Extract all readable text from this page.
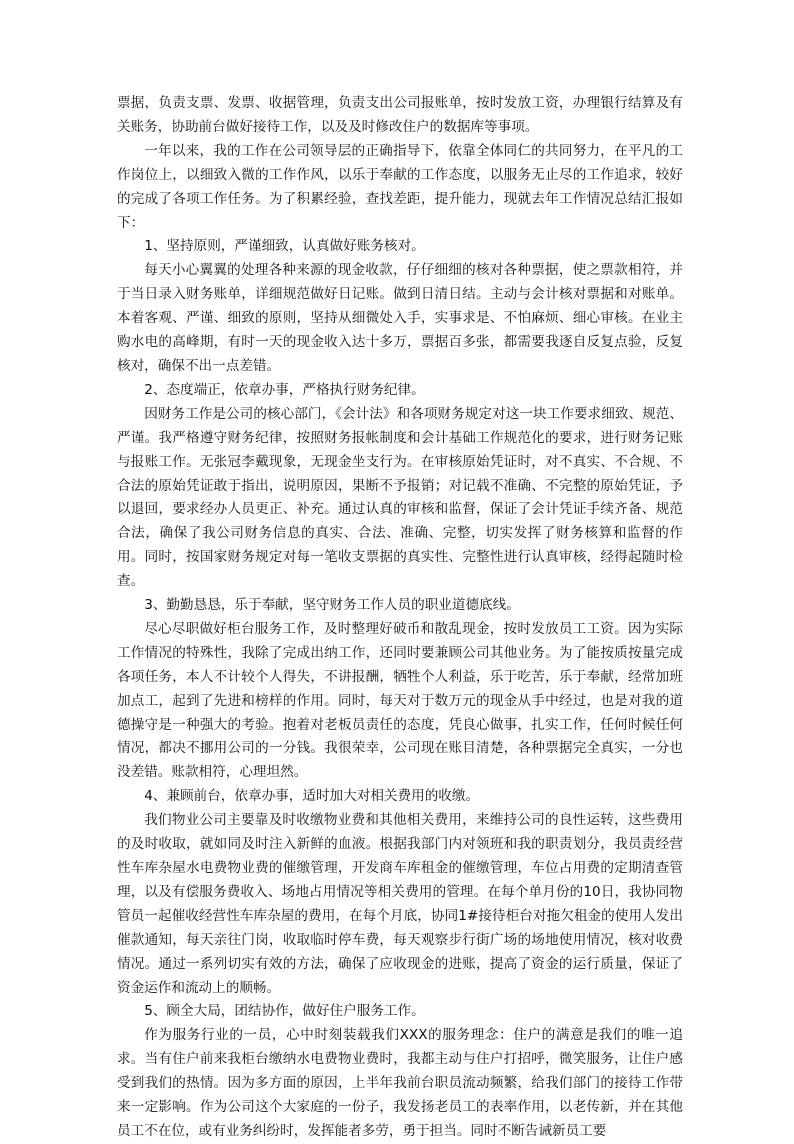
票据，负责支票、发票、收据管理，负责支出公司报账单，按时发放工资，办理银行结算及有关账务，协助前台做好接待工作，以及及时修改住户的数据库等事项。

一年以来，我的工作在公司领导层的正确指导下，依靠全体同仁的共同努力，在平凡的工作岗位上，以细致入微的工作作风，以乐于奉献的工作态度，以服务无止尽的工作追求，较好的完成了各项工作任务。为了积累经验，查找差距，提升能力，现就去年工作情况总结汇报如下：

1、坚持原则，严谨细致，认真做好账务核对。

每天小心翼翼的处理各种来源的现金收款，仔仔细细的核对各种票据，使之票款相符，并于当日录入财务账单，详细规范做好日记账。做到日清日结。主动与会计核对票据和对账单。本着客观、严谨、细致的原则，坚持从细微处入手，实事求是、不怕麻烦、细心审核。在业主购水电的高峰期，有时一天的现金收入达十多万，票据百多张，都需要我逐自反复点验，反复核对，确保不出一点差错。

2、态度端正，依章办事，严格执行财务纪律。

因财务工作是公司的核心部门，《会计法》和各项财务规定对这一块工作要求细致、规范、严谨。我严格遵守财务纪律，按照财务报帐制度和会计基础工作规范化的要求，进行财务记账与报账工作。无张冠李戴现象，无现金坐支行为。在审核原始凭证时，对不真实、不合规、不合法的原始凭证敢于指出，说明原因，果断不予报销；对记载不准确、不完整的原始凭证，予以退回，要求经办人员更正、补充。通过认真的审核和监督，保证了会计凭证手续齐备、规范合法，确保了我公司财务信息的真实、合法、准确、完整，切实发挥了财务核算和监督的作用。同时，按国家财务规定对每一笔收支票据的真实性、完整性进行认真审核，经得起随时检查。

3、勤勤恳恳，乐于奉献，坚守财务工作人员的职业道德底线。

尽心尽职做好柜台服务工作，及时整理好破币和散乱现金，按时发放员工工资。因为实际工作情况的特殊性，我除了完成出纳工作，还同时要兼顾公司其他业务。为了能按质按量完成各项任务，本人不计较个人得失，不讲报酬，牺牲个人利益，乐于吃苦，乐于奉献，经常加班加点工，起到了先进和榜样的作用。同时，每天对于数万元的现金从手中经过，也是对我的道德操守是一种强大的考验。抱着对老板员责任的态度，凭良心做事，扎实工作，任何时候任何情况，都决不挪用公司的一分钱。我很荣幸，公司现在账目清楚，各种票据完全真实，一分也没差错。账款相符，心理坦然。

4、兼顾前台，依章办事，适时加大对相关费用的收缴。

我们物业公司主要靠及时收缴物业费和其他相关费用，来维持公司的良性运转，这些费用的及时收取，就如同及时注入新鲜的血液。根据我部门内对领班和我的职责划分，我员责经营性车库杂屋水电费物业费的催缴管理，开发商车库租金的催缴管理，车位占用费的定期清查管理，以及有偿服务费收入、场地占用情况等相关费用的管理。在每个单月份的10日，我协同物管员一起催收经营性车库杂屋的费用，在每个月底，协同1#接待柜台对拖欠租金的使用人发出催款通知，每天亲往门岗，收取临时停车费，每天观察步行街广场的场地使用情况，核对收费情况。通过一系列切实有效的方法，确保了应收现金的进账，提高了资金的运行质量，保证了资金运作和流动上的顺畅。

5、顾全大局，团结协作，做好住户服务工作。

作为服务行业的一员，心中时刻装载我们XXX的服务理念：住户的满意是我们的唯一追求。当有住户前来我柜台缴纳水电费物业费时，我都主动与住户打招呼，微笑服务，让住户感受到我们的热情。因为多方面的原因，上半年我前台职员流动频繁，给我们部门的接待工作带来一定影响。作为公司这个大家庭的一份子，我发扬老员工的表率作用，以老传新，并在其他员工不在位，或有业务纠纷时，发挥能者多劳，勇于担当。同时不断告诫新员工要
